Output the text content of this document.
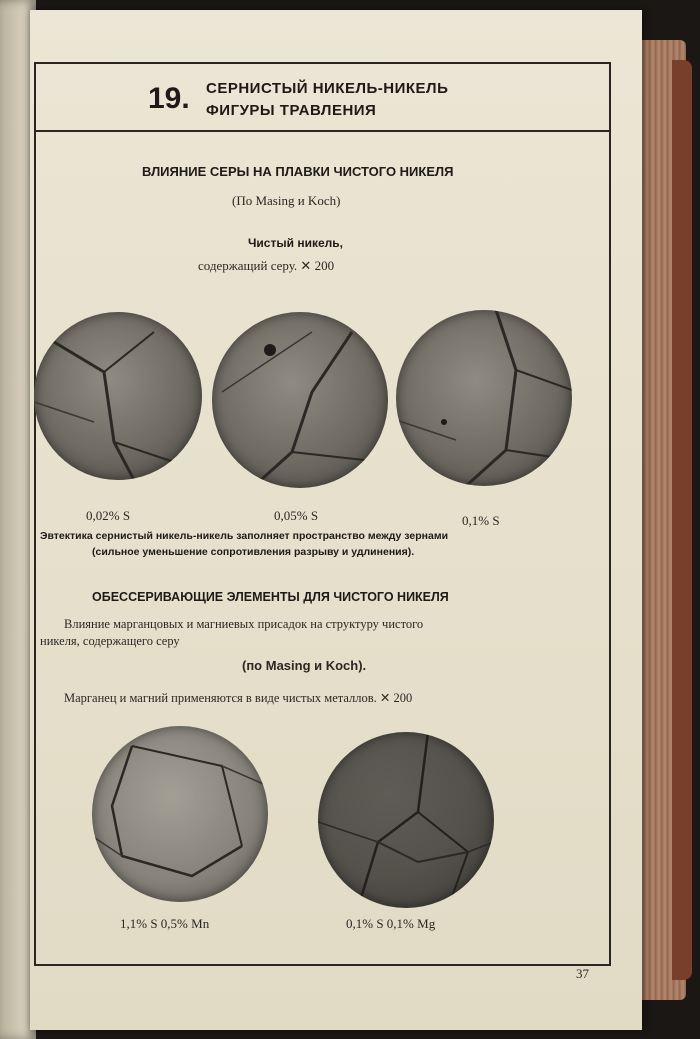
19. СЕРНИСТЫЙ НИКЕЛЬ-НИКЕЛЬ
ФИГУРЫ ТРАВЛЕНИЯ
ВЛИЯНИЕ СЕРЫ НА ПЛАВКИ ЧИСТОГО НИКЕЛЯ
(По Masing и Koch)
Чистый никель,
содержащий серу. ✕ 200
0,02% S	0,05% S	0,1% S
Эвтектика сернистый никель-никель заполняет пространство между зернами
(сильное уменьшение сопротивления разрыву и удлинения).
ОБЕССЕРИВАЮЩИЕ ЭЛЕМЕНТЫ ДЛЯ ЧИСТОГО НИКЕЛЯ
Влияние марганцовых и магниевых присадок на структуру чистого
никеля, содержащего серу
(по Masing и Koch).
Марганец и магний применяются в виде чистых металлов. ✕ 200
1,1% S 0,5% Mn	0,1% S 0,1% Mg
37
